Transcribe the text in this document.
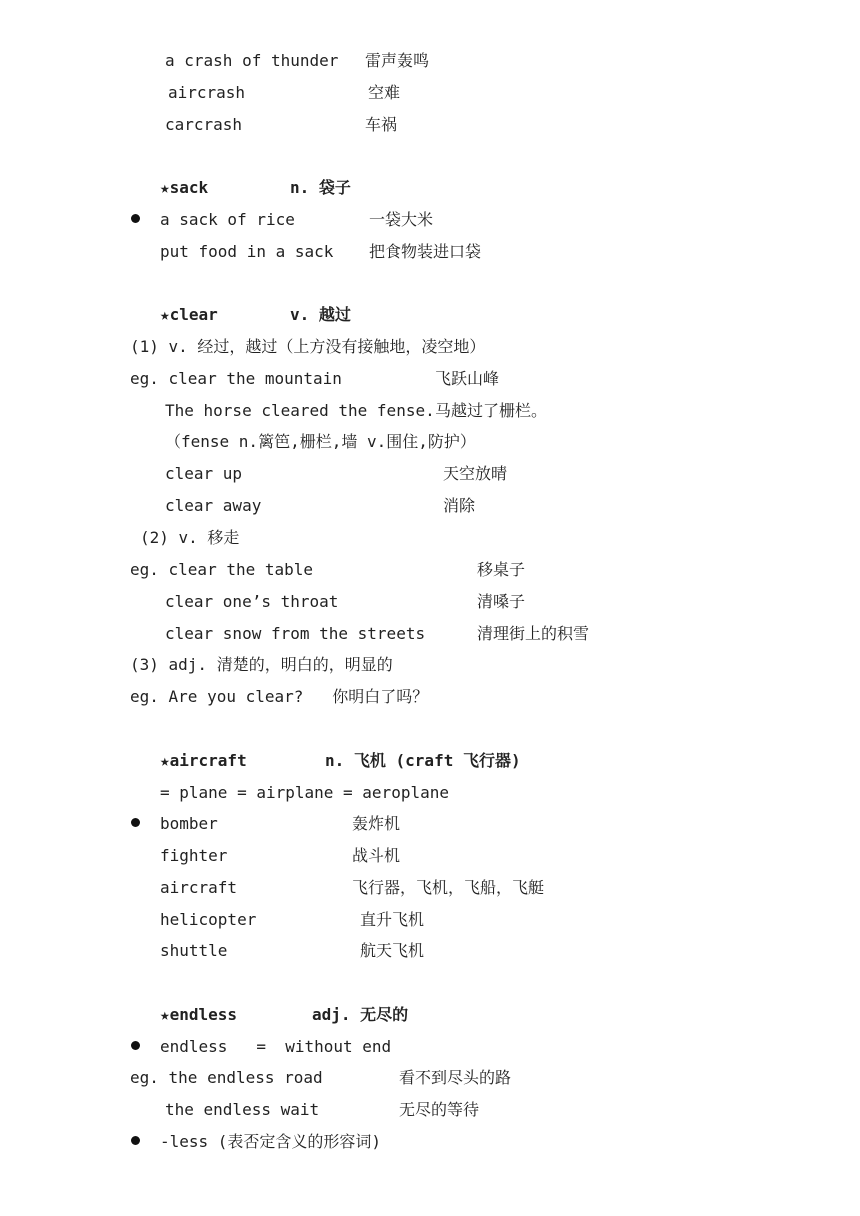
a crash of thunder 雷声轰鸣
aircrash	空难
carcrash	车祸
★sack	n. 袋子
a sack of rice	一袋大米
put food in a sack 把食物装进口袋
★clear	v. 越过
(1) v. 经过，越过（上方没有接触地，凌空地）
eg. clear the mountain	飞跃山峰
The horse cleared the fense. 马越过了栅栏。
（fense n.篱笆,栅栏,墙 v.围住,防护）
clear up	天空放晴
clear away	消除
(2) v. 移走
eg. clear the table	移桌子
clear one’s throat	清嗓子
clear snow from the streets	清理街上的积雪
(3) adj. 清楚的，明白的，明显的
eg. Are you clear?   你明白了吗？
★aircraft	n. 飞机 (craft 飞行器)
= plane = airplane = aeroplane
bomber	轰炸机
fighter	战斗机
aircraft	飞行器，飞机，飞船，飞艇
helicopter	直升飞机
shuttle	航天飞机
★endless	adj. 无尽的
endless   =  without end
eg. the endless road	看不到尽头的路
the endless wait	无尽的等待
-less (表否定含义的形容词)
